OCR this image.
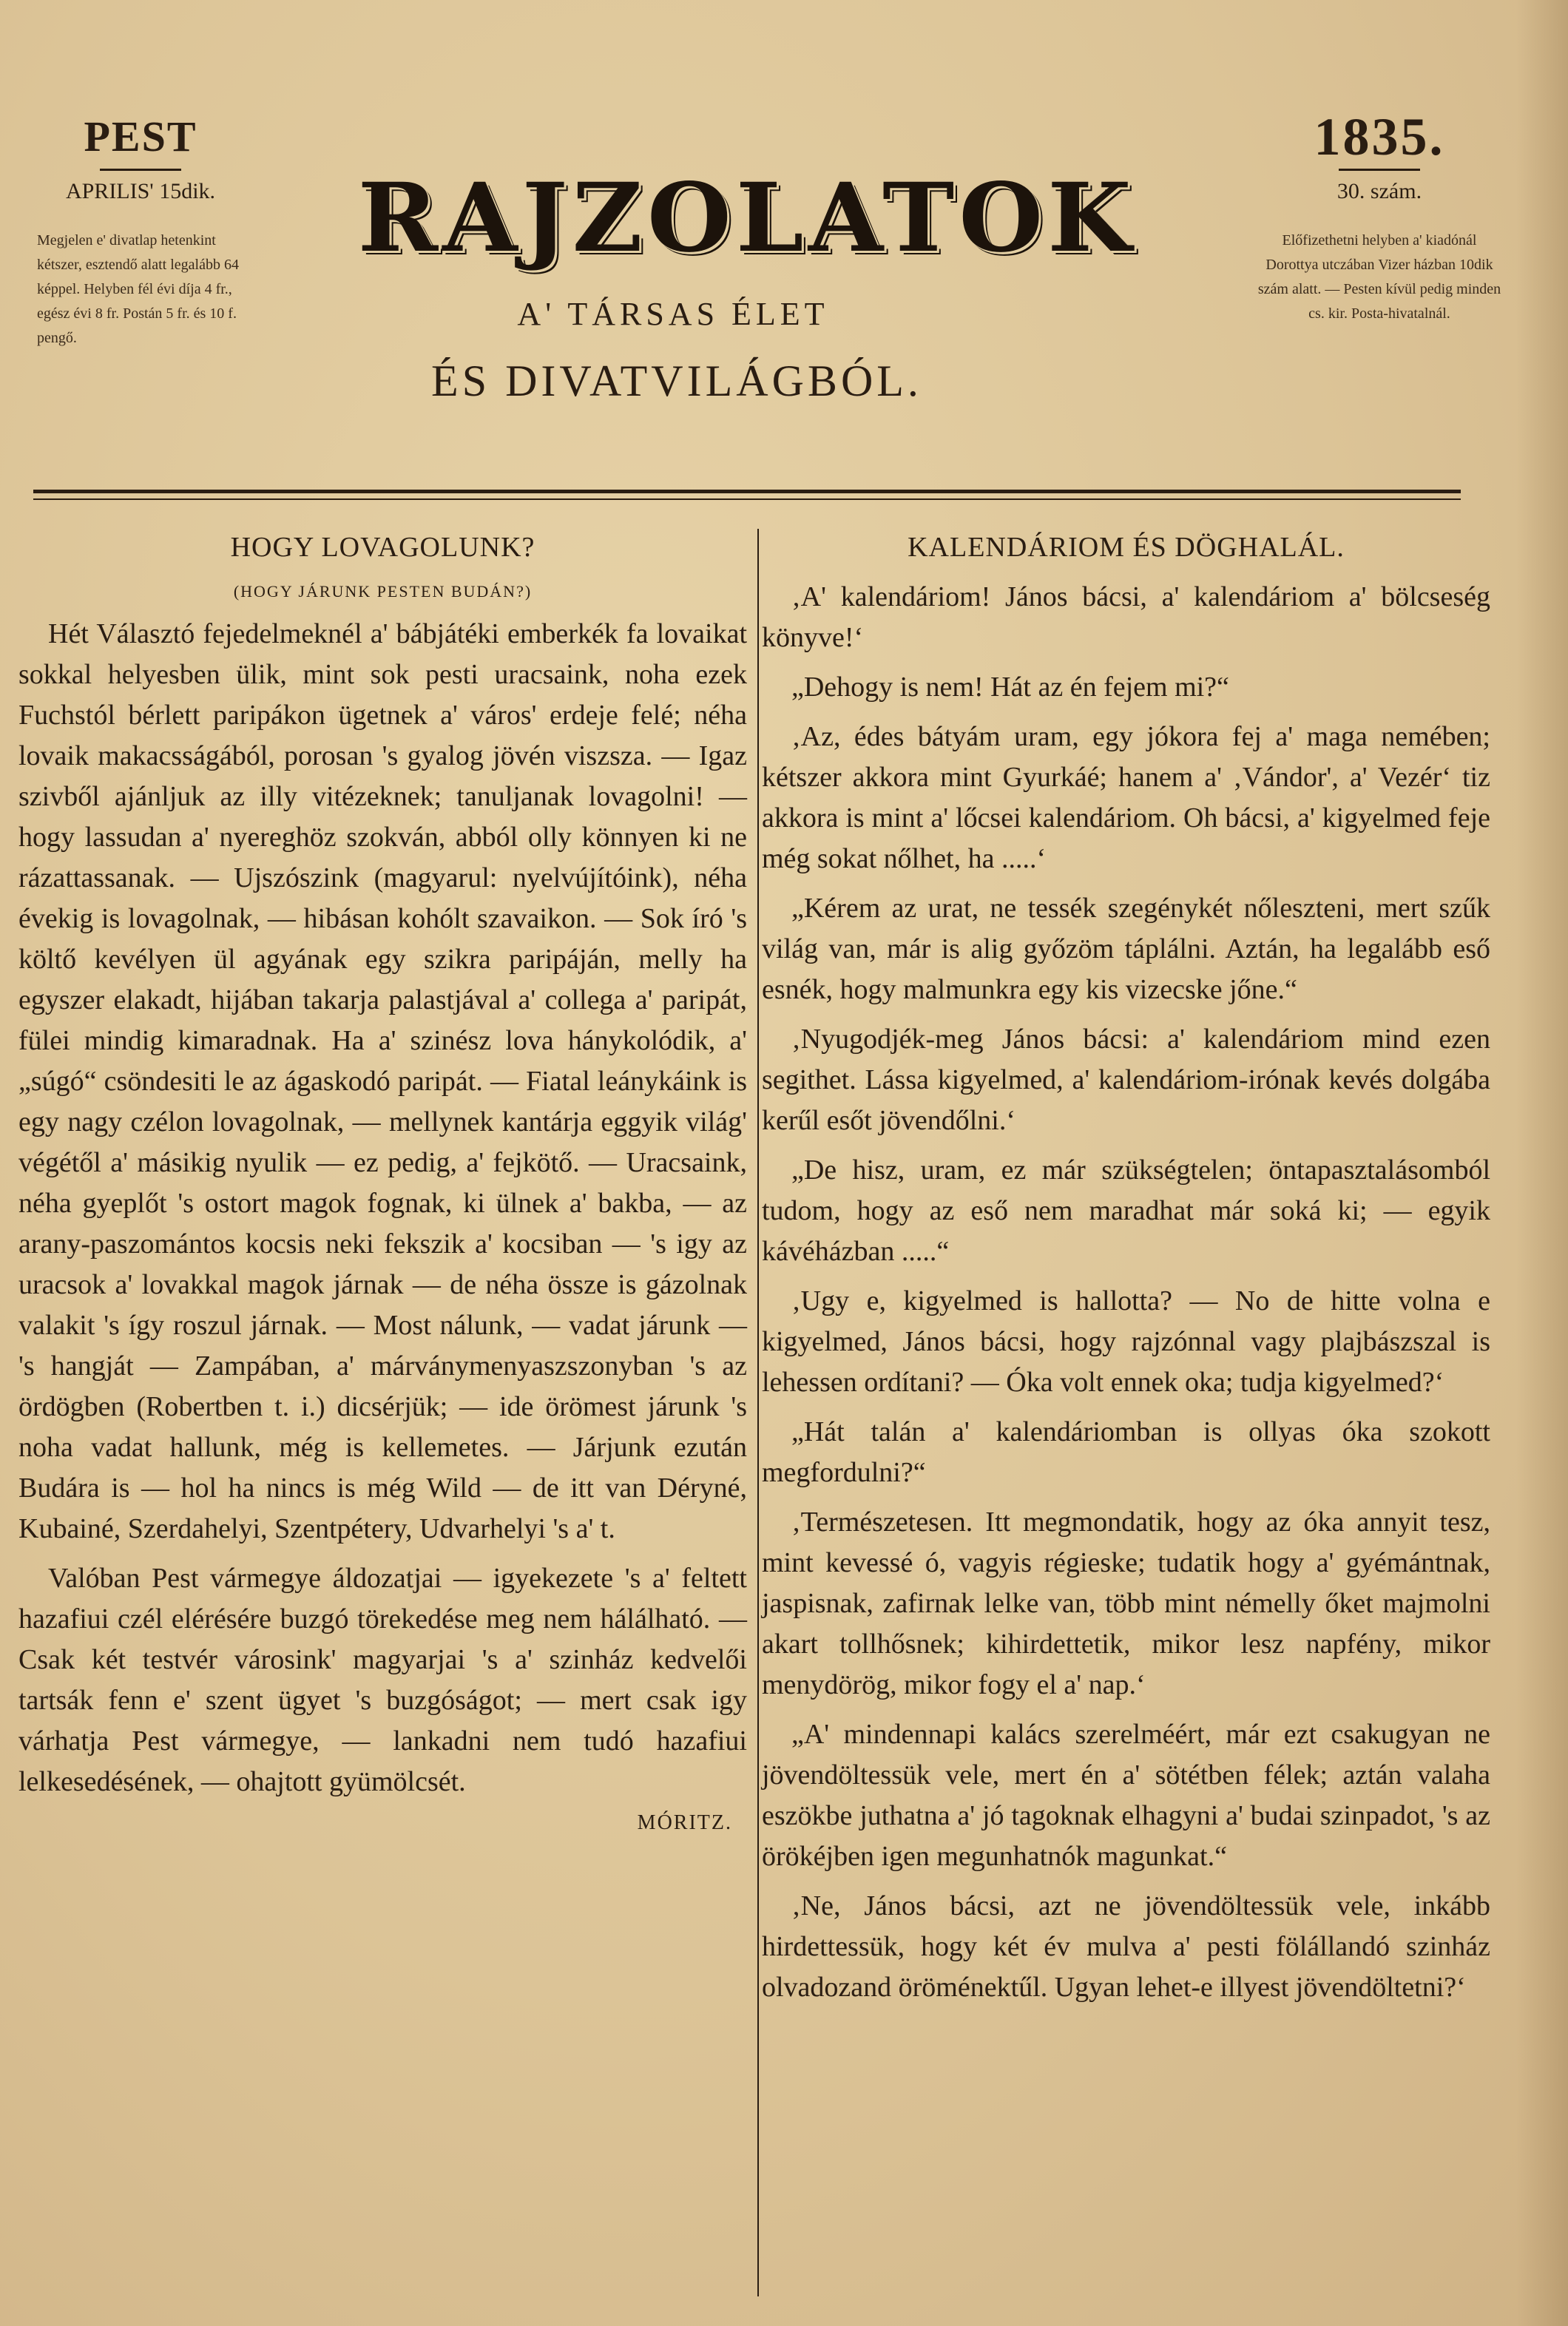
PEST
APRILIS' 15dik.
Megjelen e' divatlap hetenkint kétszer, esztendő alatt legalább 64 képpel. Helyben fél évi díja 4 fr., egész évi 8 fr. Postán 5 fr. és 10 f. pengő.
RAJZOLATOK
A' TÁRSAS ÉLET
ÉS DIVATVILÁGBÓL.
1835.
30. szám.
Előfizethetni helyben a' kiadónál Dorottya utczában Vizer házban 10dik szám alatt. — Pesten kívül pedig minden cs. kir. Posta-hivatalnál.
HOGY LOVAGOLUNK?
(HOGY JÁRUNK PESTEN BUDÁN?)

Hét Választó fejedelmeknél a' bábjátéki emberkék fa lovaikat sokkal helyesben ülik, mint sok pesti uracsaink, noha ezek Fuchstól bérlett paripákon ügetnek a' város' erdeje felé; néha lovaik makacsságából, porosan 's gyalog jövén viszsza. — Igaz szivből ajánljuk az illy vitézeknek; tanuljanak lovagolni! — hogy lassudan a' nyereghöz szokván, abból olly könnyen ki ne rázattassanak. — Ujszószink (magyarul: nyelvújítóink), néha évekig is lovagolnak, — hibásan kohólt szavaikon. — Sok író 's költő kevélyen ül agyának egy szikra paripáján, melly ha egyszer elakadt, hijában takarja palastjával a' collega a' paripát, fülei mindig kimaradnak. Ha a' szinész lova hánykolódik, a' „súgó“ csöndesiti le az ágaskodó paripát. — Fiatal leánykáink is egy nagy czélon lovagolnak, — mellynek kantárja eggyik világ' végétől a' másikig nyulik — ez pedig, a' fejkötő. — Uracsaink, néha gyeplőt 's ostort magok fognak, ki ülnek a' bakba, — az arany-paszomántos kocsis neki fekszik a' kocsiban — 's igy az uracsok a' lovakkal magok járnak — de néha össze is gázolnak valakit 's így roszul járnak. — Most nálunk, — vadat járunk — 's hangját — Zampában, a' márványmenyaszszonyban 's az ördögben (Robertben t. i.) dicsérjük; — ide örömest járunk 's noha vadat hallunk, még is kellemetes. — Járjunk ezután Budára is — hol ha nincs is még Wild — de itt van Déryné, Kubainé, Szerdahelyi, Szentpétery, Udvarhelyi 's a' t.

Valóban Pest vármegye áldozatjai — igyekezete 's a' feltett hazafiui czél elérésére buzgó törekedése meg nem hálálható. — Csak két testvér városink' magyarjai 's a' szinház kedvelői tartsák fenn e' szent ügyet 's buzgóságot; — mert csak igy várhatja Pest vármegye, — lankadni nem tudó hazafiui lelkesedésének, — ohajtott gyümölcsét.

MÓRITZ.
KALENDÁRIOM ÉS DÖGHALÁL.

‚A' kalendáriom! János bácsi, a' kalendáriom a' bölcseség könyve!‘

„Dehogy is nem! Hát az én fejem mi?“

‚Az, édes bátyám uram, egy jókora fej a' maga nemében; kétszer akkora mint Gyurkáé; hanem a' ‚Vándor', a' Vezér‘ tiz akkora is mint a' lőcsei kalendáriom. Oh bácsi, a' kigyelmed feje még sokat nőlhet, ha .....‘

„Kérem az urat, ne tessék szegénykét nőleszteni, mert szűk világ van, már is alig győzöm táplálni. Aztán, ha legalább eső esnék, hogy malmunkra egy kis vizecske jőne.“

‚Nyugodjék-meg János bácsi: a' kalendáriom mind ezen segithet. Lássa kigyelmed, a' kalendáriom-irónak kevés dolgába kerűl esőt jövendőlni.‘

„De hisz, uram, ez már szükségtelen; öntapasztalásomból tudom, hogy az eső nem maradhat már soká ki; — egyik kávéházban .....“

‚Ugy e, kigyelmed is hallotta? — No de hitte volna e kigyelmed, János bácsi, hogy rajzónnal vagy plajbászszal is lehessen ordítani? — Óka volt ennek oka; tudja kigyelmed?‘

„Hát talán a' kalendáriomban is ollyas óka szokott megfordulni?“

‚Természetesen. Itt megmondatik, hogy az óka annyit tesz, mint kevessé ó, vagyis régieske; tudatik hogy a' gyémántnak, jaspisnak, zafirnak lelke van, több mint némelly őket majmolni akart tollhősnek; kihirdettetik, mikor lesz napfény, mikor menydörög, mikor fogy el a' nap.‘

„A' mindennapi kalács szerelméért, már ezt csakugyan ne jövendöltessük vele, mert én a' sötétben félek; aztán valaha eszökbe juthatna a' jó tagoknak elhagyni a' budai szinpadot, 's az örökéjben igen megunhatnók magunkat.“

‚Ne, János bácsi, azt ne jövendöltessük vele, inkább hirdettessük, hogy két év mulva a' pesti fölállandó szinház olvadozand öröménektűl. Ugyan lehet-e illyest jövendöltetni?‘
